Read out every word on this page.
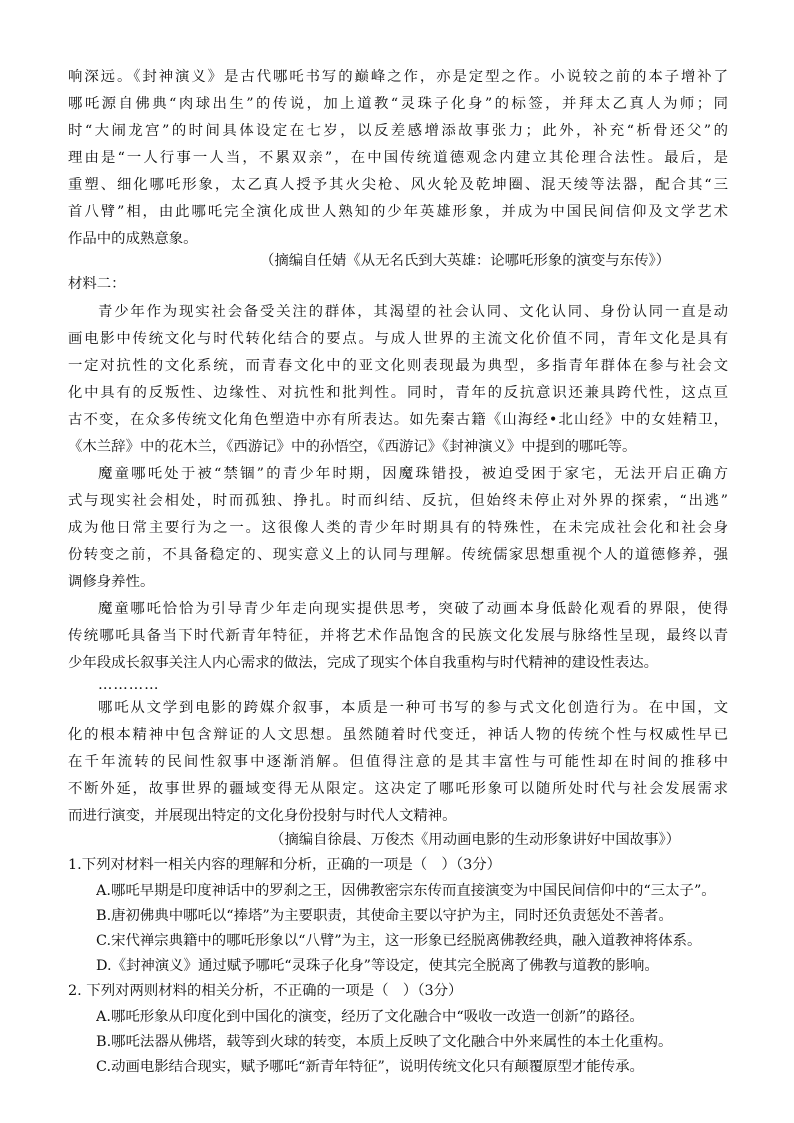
响深远。《封神演义》是古代哪吒书写的巅峰之作，亦是定型之作。小说较之前的本子增补了
哪吒源自佛典“肉球出生”的传说，加上道教“灵珠子化身”的标签，并拜太乙真人为师；同
时“大闹龙宫”的时间具体设定在七岁，以反差感增添故事张力；此外，补充“析骨还父”的
理由是“一人行事一人当，不累双亲”，在中国传统道德观念内建立其伦理合法性。最后，是
重塑、细化哪吒形象，太乙真人授予其火尖枪、风火轮及乾坤圈、混天绫等法器，配合其“三
首八臂”相，由此哪吒完全演化成世人熟知的少年英雄形象，并成为中国民间信仰及文学艺术
作品中的成熟意象。
（摘编自任婧《从无名氏到大英雄：论哪吒形象的演变与东传》）
材料二：
青少年作为现实社会备受关注的群体，其渴望的社会认同、文化认同、身份认同一直是动
画电影中传统文化与时代转化结合的要点。与成人世界的主流文化价值不同，青年文化是具有
一定对抗性的文化系统，而青春文化中的亚文化则表现最为典型，多指青年群体在参与社会文
化中具有的反叛性、边缘性、对抗性和批判性。同时，青年的反抗意识还兼具跨代性，这点亘
古不变，在众多传统文化角色塑造中亦有所表达。如先秦古籍《山海经•北山经》中的女娃精卫，
《木兰辞》中的花木兰，《西游记》中的孙悟空，《西游记》《封神演义》中提到的哪吒等。
魔童哪吒处于被“禁锢”的青少年时期，因魔珠错投，被迫受困于家宅，无法开启正确方
式与现实社会相处，时而孤独、挣扎。时而纠结、反抗，但始终未停止对外界的探索，“出逃”
成为他日常主要行为之一。这很像人类的青少年时期具有的特殊性，在未完成社会化和社会身
份转变之前，不具备稳定的、现实意义上的认同与理解。传统儒家思想重视个人的道德修养，强
调修身养性。
魔童哪吒恰恰为引导青少年走向现实提供思考，突破了动画本身低龄化观看的界限，使得
传统哪吒具备当下时代新青年特征，并将艺术作品饱含的民族文化发展与脉络性呈现，最终以青
少年段成长叙事关注人内心需求的做法，完成了现实个体自我重构与时代精神的建设性表达。
…………
哪吒从文学到电影的跨媒介叙事，本质是一种可书写的参与式文化创造行为。在中国，文
化的根本精神中包含辩证的人文思想。虽然随着时代变迁，神话人物的传统个性与权威性早已
在千年流转的民间性叙事中逐渐消解。但值得注意的是其丰富性与可能性却在时间的推移中
不断外延，故事世界的疆域变得无从限定。这决定了哪吒形象可以随所处时代与社会发展需求
而进行演变，并展现出特定的文化身份投射与时代人文精神。
（摘编自徐晨、万俊杰《用动画电影的生动形象讲好中国故事》）
1.下列对材料一相关内容的理解和分析，正确的一项是（　）（3分）
A.哪吒早期是印度神话中的罗刹之王，因佛教密宗东传而直接演变为中国民间信仰中的“三太子”。
B.唐初佛典中哪吒以“捧塔”为主要职责，其使命主要以守护为主，同时还负责惩处不善者。
C.宋代禅宗典籍中的哪吒形象以“八臂”为主，这一形象已经脱离佛教经典，融入道教神将体系。
D.《封神演义》通过赋予哪吒“灵珠子化身”等设定，使其完全脱离了佛教与道教的影响。
2. 下列对两则材料的相关分析，不正确的一项是（　）（3分）
A.哪吒形象从印度化到中国化的演变，经历了文化融合中“吸收一改造一创新”的路径。
B.哪吒法器从佛塔，载等到火球的转变，本质上反映了文化融合中外来属性的本土化重构。
C.动画电影结合现实，赋予哪吒“新青年特征”，说明传统文化只有颠覆原型才能传承。
